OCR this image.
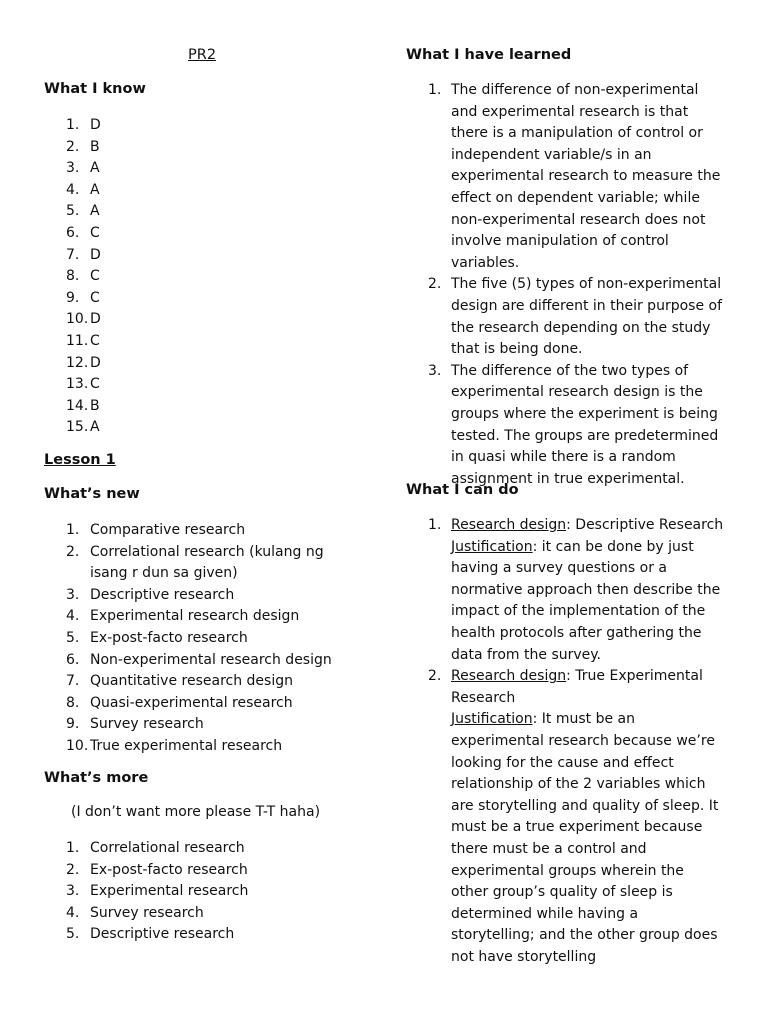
PR2
What I know
1. D
2. B
3. A
4. A
5. A
6. C
7. D
8. C
9. C
10. D
11. C
12. D
13. C
14. B
15. A
Lesson 1
What’s new
1. Comparative research
2. Correlational research (kulang ng isang r dun sa given)
3. Descriptive research
4. Experimental research design
5. Ex-post-facto research
6. Non-experimental research design
7. Quantitative research design
8. Quasi-experimental research
9. Survey research
10. True experimental research
What’s more
(I don’t want more please T-T haha)
1. Correlational research
2. Ex-post-facto research
3. Experimental research
4. Survey research
5. Descriptive research
What I have learned
1. The difference of non-experimental and experimental research is that there is a manipulation of control or independent variable/s in an experimental research to measure the effect on dependent variable; while non-experimental research does not involve manipulation of control variables.
2. The five (5) types of non-experimental design are different in their purpose of the research depending on the study that is being done.
3. The difference of the two types of experimental research design is the groups where the experiment is being tested. The groups are predetermined in quasi while there is a random assignment in true experimental.
What I can do
1. Research design: Descriptive Research
Justification: it can be done by just having a survey questions or a normative approach then describe the impact of the implementation of the health protocols after gathering the data from the survey.
2. Research design: True Experimental Research
Justification: It must be an experimental research because we’re looking for the cause and effect relationship of the 2 variables which are storytelling and quality of sleep. It must be a true experiment because there must be a control and experimental groups wherein the other group’s quality of sleep is determined while having a storytelling; and the other group does not have storytelling
